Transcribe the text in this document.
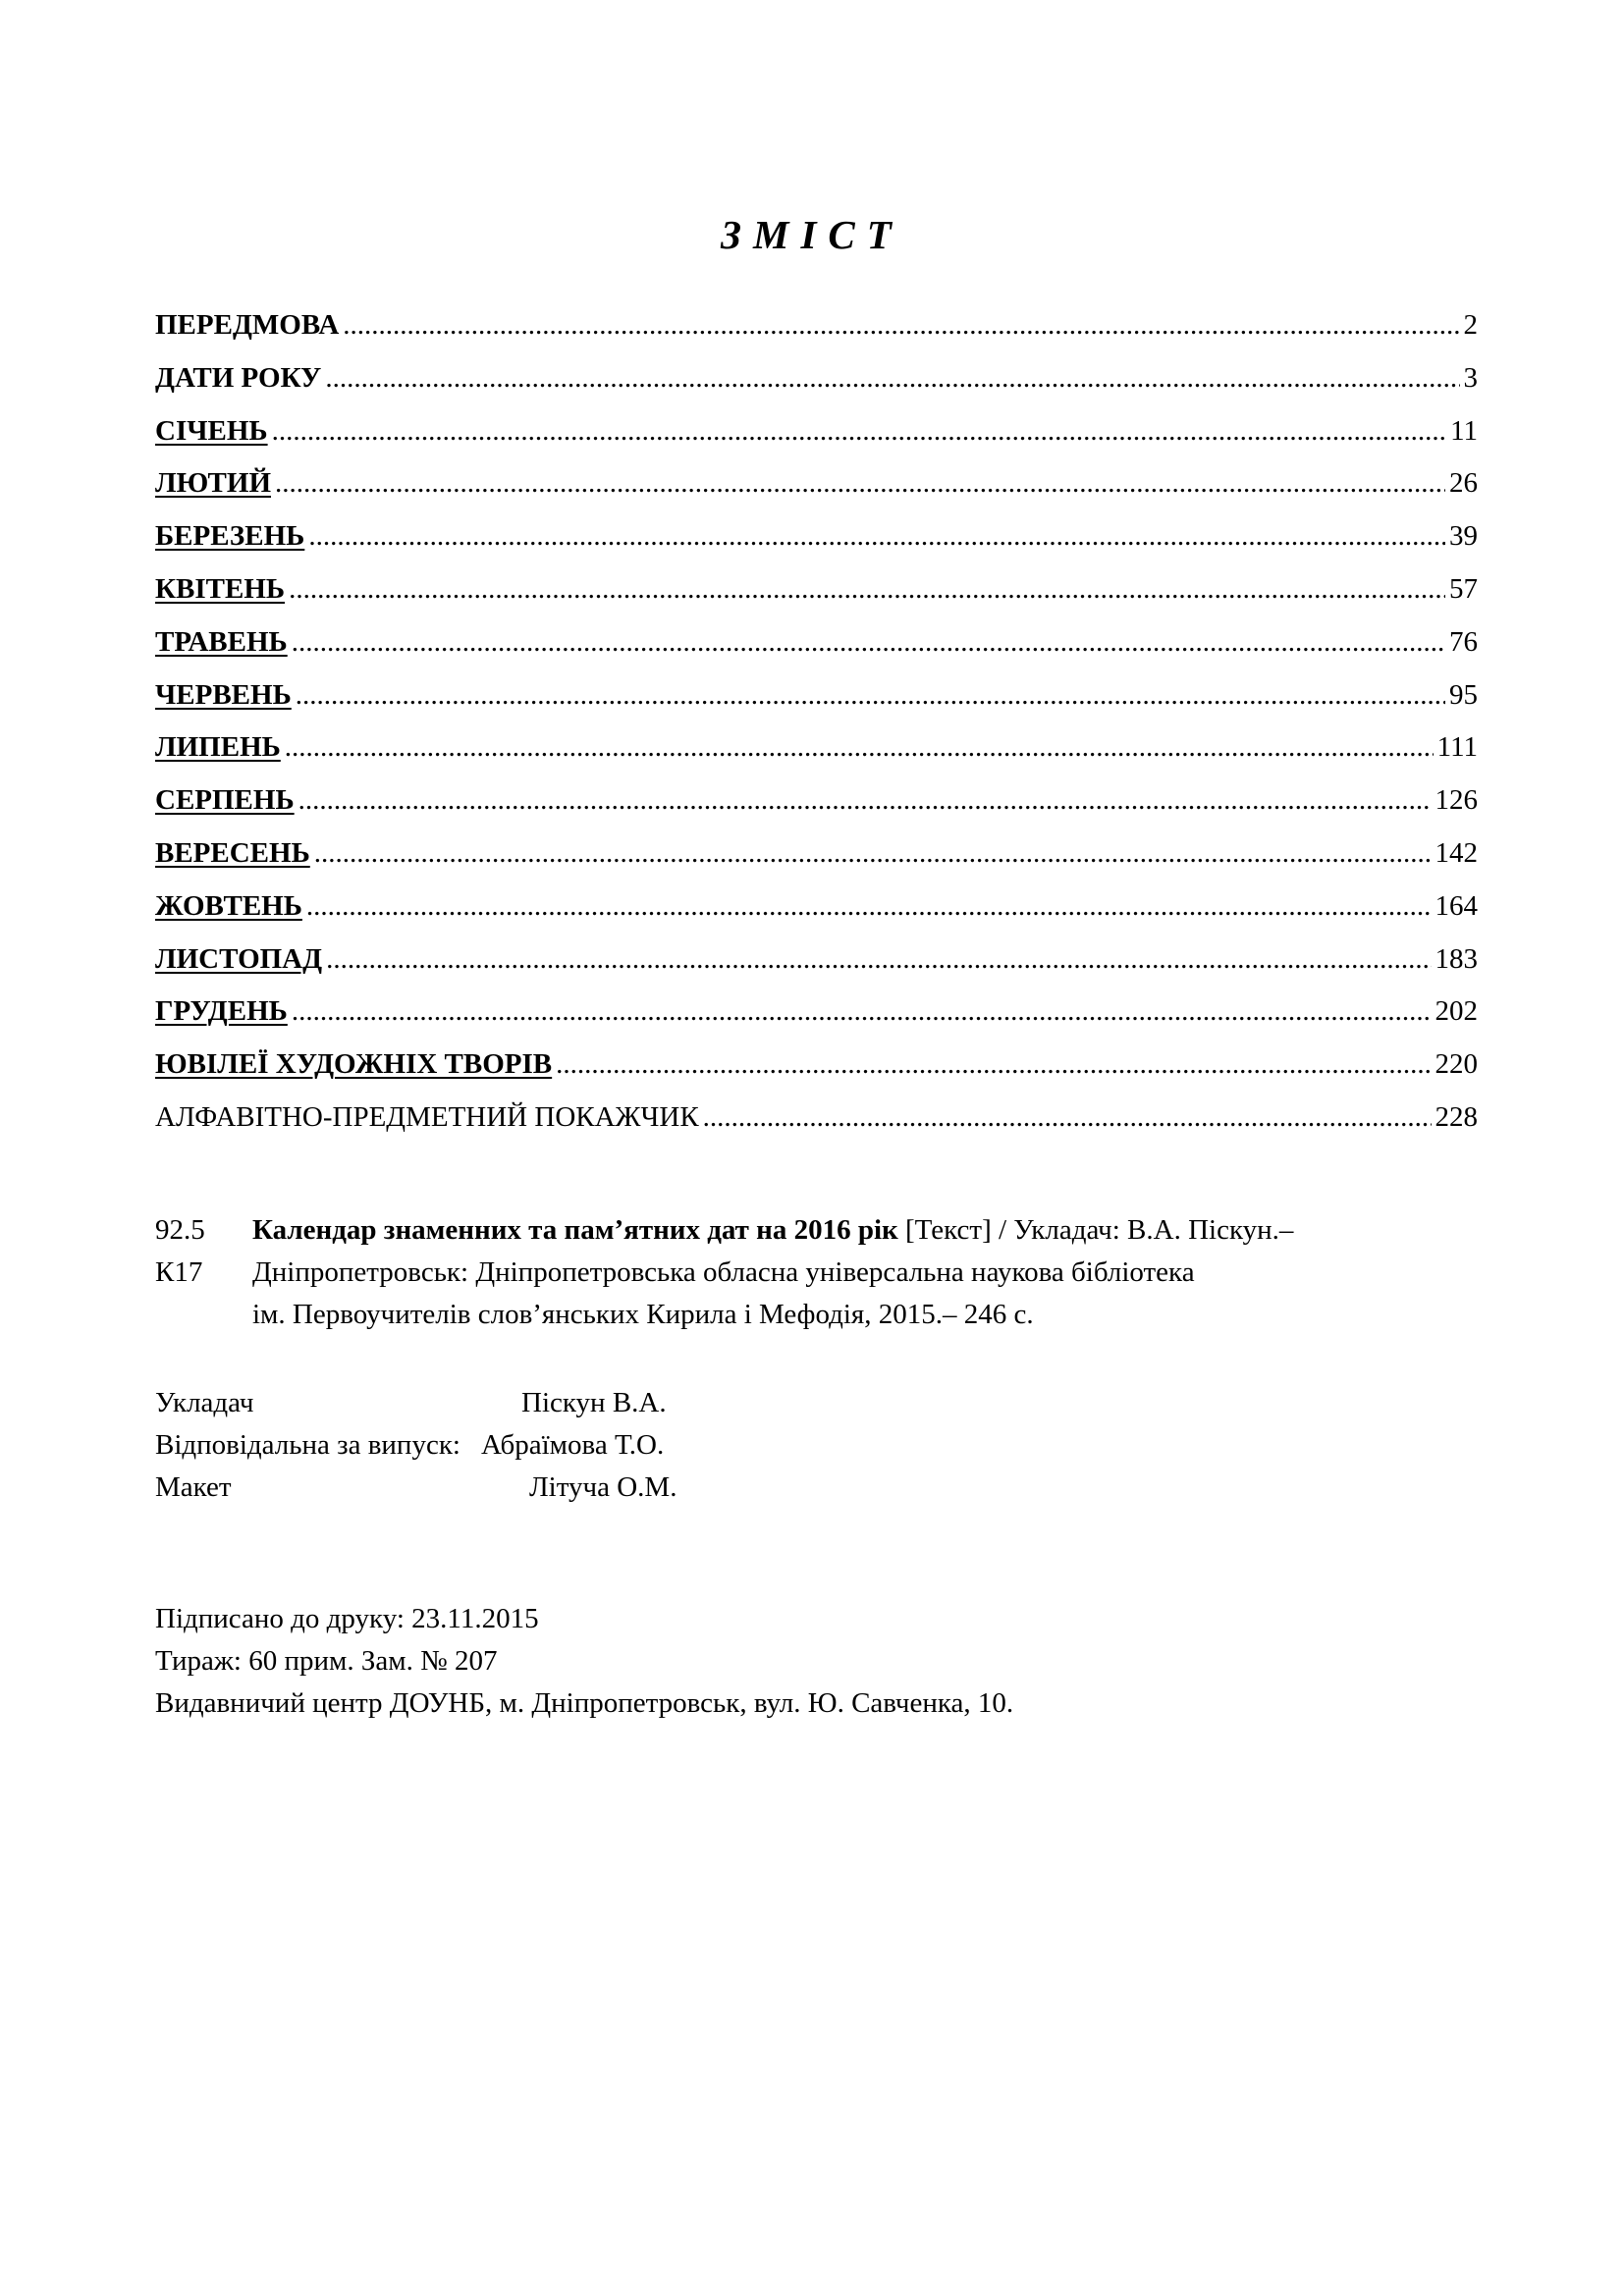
ЗМІСТ
ПЕРЕДМОВА .....	2
ДАТИ РОКУ .....	3
СІЧЕНЬ .....	11
ЛЮТИЙ .....	26
БЕРЕЗЕНЬ .....	39
КВІТЕНЬ .....	57
ТРАВЕНЬ .....	76
ЧЕРВЕНЬ .....	95
ЛИПЕНЬ .....	111
СЕРПЕНЬ .....	126
ВЕРЕСЕНЬ .....	142
ЖОВТЕНЬ .....	164
ЛИСТОПАД .....	183
ГРУДЕНЬ .....	202
ЮВІЛЕЇ ХУДОЖНІХ ТВОРІВ .....	220
АЛФАВІТНО-ПРЕДМЕТНИЙ ПОКАЖЧИК .....	228
92.5	Календар знаменних та пам’ятних дат на 2016 рік [Текст] / Укладач: В.А. Піскун.–
К17	Дніпропетровськ: Дніпропетровська обласна універсальна наукова бібліотека
ім. Первоучителів слов’янських Кирила і Мефодія, 2015.– 246 с.
Укладач	Піскун В.А.
Відповідальна за випуск: Абраїмова Т.О.
Макет	Літуча О.М.
Підписано до друку: 23.11.2015
Тираж: 60 прим. Зам. № 207
Видавничий центр ДОУНБ, м. Дніпропетровськ, вул. Ю. Савченка, 10.
